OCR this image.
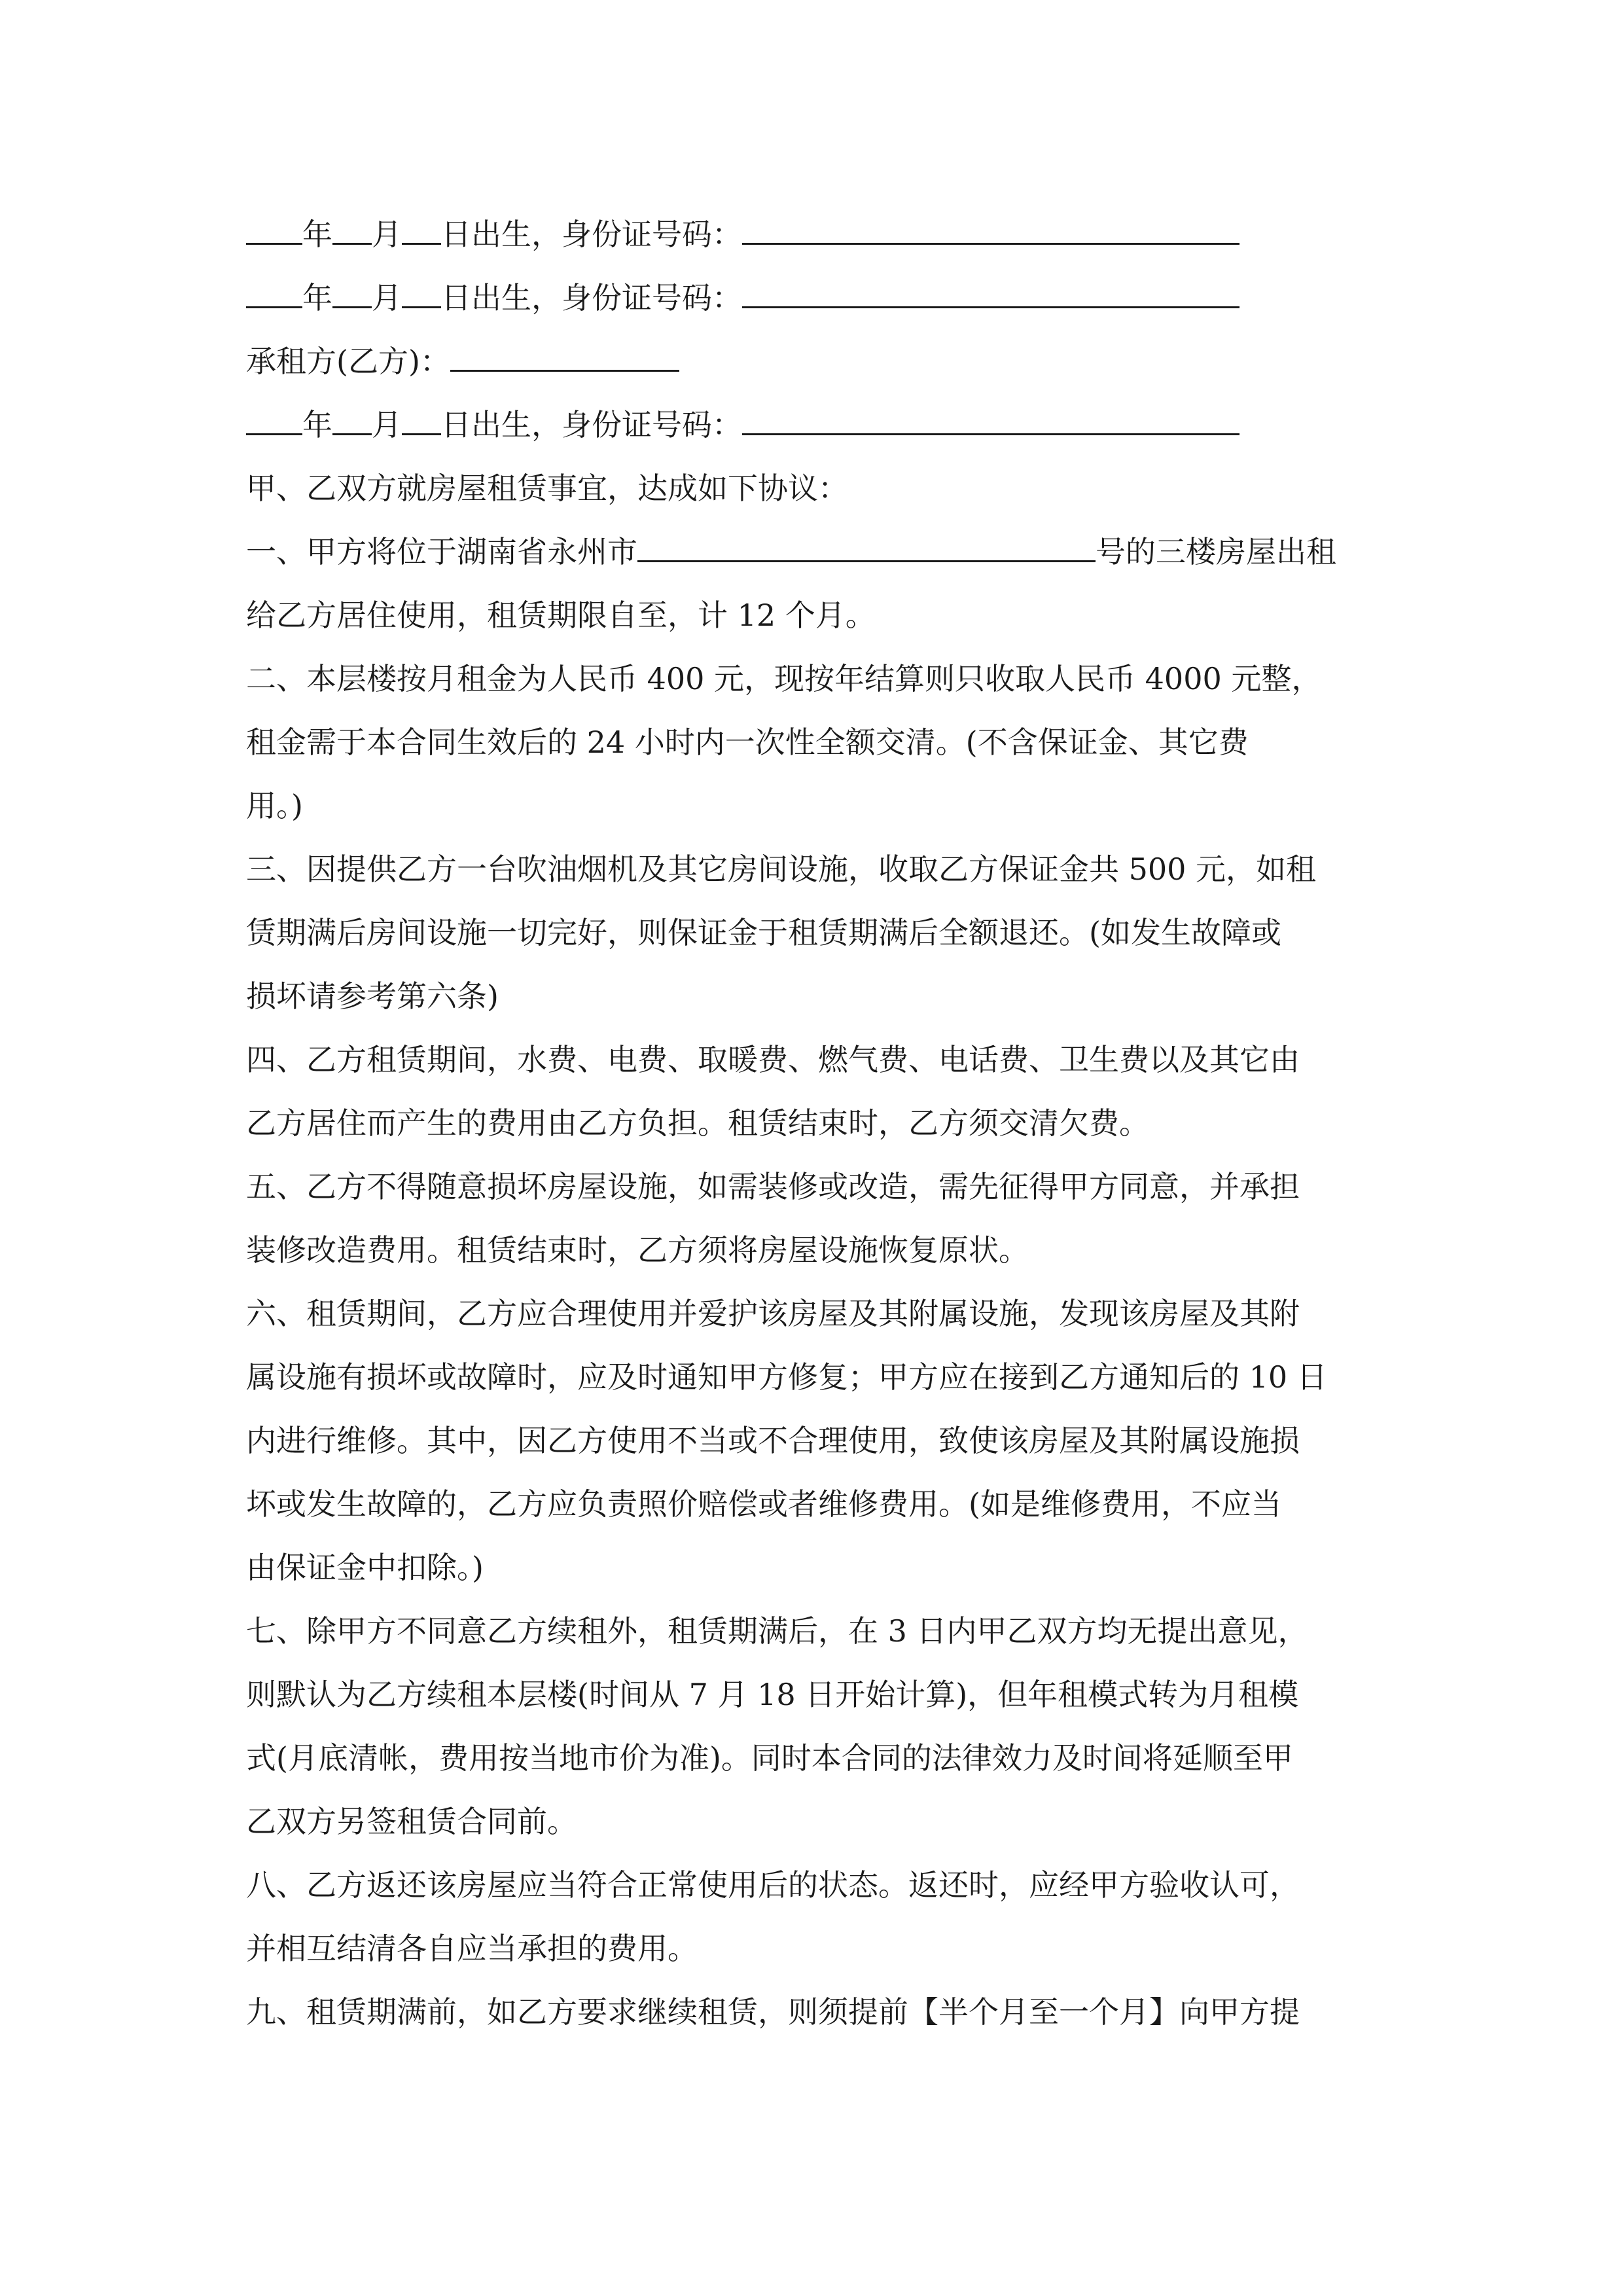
年 月 日出生，身份证号码：
年 月 日出生，身份证号码：
承租方(乙方)：
年 月 日出生，身份证号码：
甲、乙双方就房屋租赁事宜，达成如下协议：
一、甲方将位于湖南省永州市	号的三楼房屋出租
给乙方居住使用，租赁期限自至，计 12 个月。
二、本层楼按月租金为人民币 400 元，现按年结算则只收取人民币 4000 元整，
租金需于本合同生效后的 24 小时内一次性全额交清。(不含保证金、其它费
用。)
三、因提供乙方一台吹油烟机及其它房间设施，收取乙方保证金共 500 元，如租
赁期满后房间设施一切完好，则保证金于租赁期满后全额退还。(如发生故障或
损坏请参考第六条)
四、乙方租赁期间，水费、电费、取暖费、燃气费、电话费、卫生费以及其它由
乙方居住而产生的费用由乙方负担。租赁结束时，乙方须交清欠费。
五、乙方不得随意损坏房屋设施，如需装修或改造，需先征得甲方同意，并承担
装修改造费用。租赁结束时，乙方须将房屋设施恢复原状。
六、租赁期间，乙方应合理使用并爱护该房屋及其附属设施，发现该房屋及其附
属设施有损坏或故障时，应及时通知甲方修复；甲方应在接到乙方通知后的 10 日
内进行维修。其中，因乙方使用不当或不合理使用，致使该房屋及其附属设施损
坏或发生故障的，乙方应负责照价赔偿或者维修费用。(如是维修费用，不应当
由保证金中扣除。)
七、除甲方不同意乙方续租外，租赁期满后，在 3 日内甲乙双方均无提出意见，
则默认为乙方续租本层楼(时间从 7 月 18 日开始计算)，但年租模式转为月租模
式(月底清帐，费用按当地市价为准)。同时本合同的法律效力及时间将延顺至甲
乙双方另签租赁合同前。
八、乙方返还该房屋应当符合正常使用后的状态。返还时，应经甲方验收认可，
并相互结清各自应当承担的费用。
九、租赁期满前，如乙方要求继续租赁，则须提前【半个月至一个月】向甲方提
